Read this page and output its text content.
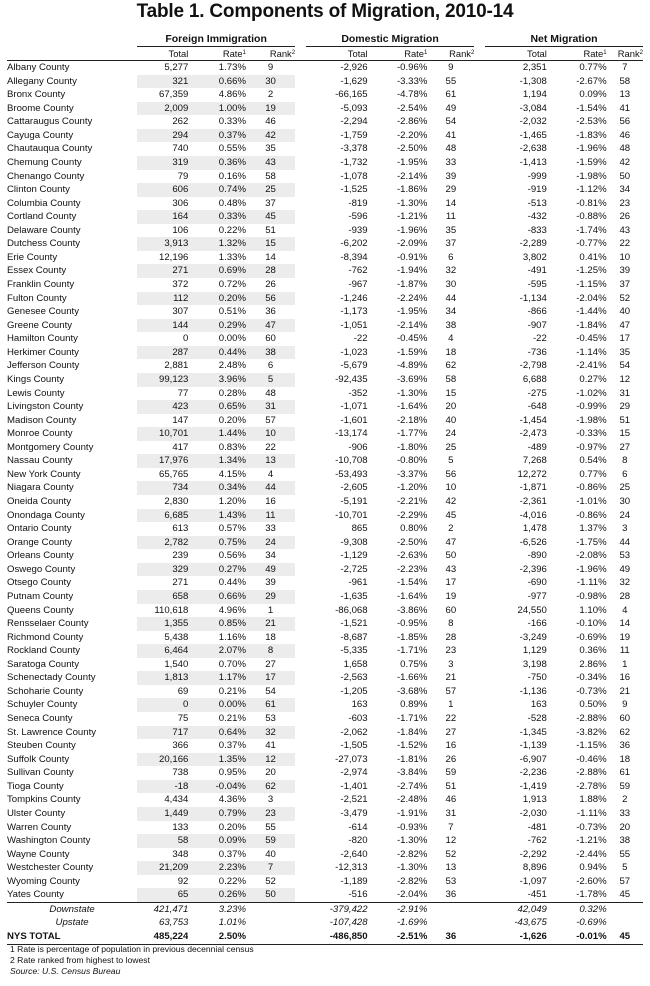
Table 1. Components of Migration, 2010-14
	Foreign Immigration				Domestic Migration				Net Migration		
	Total	Rate$^1$	Rank$^2$		Total	Rate$^1$	Rank$^2$		Total	Rate$^1$	Rank$^2$
Albany County	5,277	1.73%	9		-2,926	-0.96%	9		2,351	0.77%	7
Allegany County	321	0.66%	30		-1,629	-3.33%	55		-1,308	-2.67%	58
Bronx County	67,359	4.86%	2		-66,165	-4.78%	61		1,194	0.09%	13
Broome County	2,009	1.00%	19		-5,093	-2.54%	49		-3,084	-1.54%	41
Cattaraugus County	262	0.33%	46		-2,294	-2.86%	54		-2,032	-2.53%	56
Cayuga County	294	0.37%	42		-1,759	-2.20%	41		-1,465	-1.83%	46
Chautauqua County	740	0.55%	35		-3,378	-2.50%	48		-2,638	-1.96%	48
Chemung County	319	0.36%	43		-1,732	-1.95%	33		-1,413	-1.59%	42
Chenango County	79	0.16%	58		-1,078	-2.14%	39		-999	-1.98%	50
Clinton County	606	0.74%	25		-1,525	-1.86%	29		-919	-1.12%	34
Columbia County	306	0.48%	37		-819	-1.30%	14		-513	-0.81%	23
Cortland County	164	0.33%	45		-596	-1.21%	11		-432	-0.88%	26
Delaware County	106	0.22%	51		-939	-1.96%	35		-833	-1.74%	43
Dutchess County	3,913	1.32%	15		-6,202	-2.09%	37		-2,289	-0.77%	22
Erie County	12,196	1.33%	14		-8,394	-0.91%	6		3,802	0.41%	10
Essex County	271	0.69%	28		-762	-1.94%	32		-491	-1.25%	39
Franklin County	372	0.72%	26		-967	-1.87%	30		-595	-1.15%	37
Fulton County	112	0.20%	56		-1,246	-2.24%	44		-1,134	-2.04%	52
Genesee County	307	0.51%	36		-1,173	-1.95%	34		-866	-1.44%	40
Greene County	144	0.29%	47		-1,051	-2.14%	38		-907	-1.84%	47
Hamilton County	0	0.00%	60		-22	-0.45%	4		-22	-0.45%	17
Herkimer County	287	0.44%	38		-1,023	-1.59%	18		-736	-1.14%	35
Jefferson County	2,881	2.48%	6		-5,679	-4.89%	62		-2,798	-2.41%	54
Kings County	99,123	3.96%	5		-92,435	-3.69%	58		6,688	0.27%	12
Lewis County	77	0.28%	48		-352	-1.30%	15		-275	-1.02%	31
Livingston County	423	0.65%	31		-1,071	-1.64%	20		-648	-0.99%	29
Madison County	147	0.20%	57		-1,601	-2.18%	40		-1,454	-1.98%	51
Monroe County	10,701	1.44%	10		-13,174	-1.77%	24		-2,473	-0.33%	15
Montgomery County	417	0.83%	22		-906	-1.80%	25		-489	-0.97%	27
Nassau County	17,976	1.34%	13		-10,708	-0.80%	5		7,268	0.54%	8
New York County	65,765	4.15%	4		-53,493	-3.37%	56		12,272	0.77%	6
Niagara County	734	0.34%	44		-2,605	-1.20%	10		-1,871	-0.86%	25
Oneida County	2,830	1.20%	16		-5,191	-2.21%	42		-2,361	-1.01%	30
Onondaga County	6,685	1.43%	11		-10,701	-2.29%	45		-4,016	-0.86%	24
Ontario County	613	0.57%	33		865	0.80%	2		1,478	1.37%	3
Orange County	2,782	0.75%	24		-9,308	-2.50%	47		-6,526	-1.75%	44
Orleans County	239	0.56%	34		-1,129	-2.63%	50		-890	-2.08%	53
Oswego County	329	0.27%	49		-2,725	-2.23%	43		-2,396	-1.96%	49
Otsego County	271	0.44%	39		-961	-1.54%	17		-690	-1.11%	32
Putnam County	658	0.66%	29		-1,635	-1.64%	19		-977	-0.98%	28
Queens County	110,618	4.96%	1		-86,068	-3.86%	60		24,550	1.10%	4
Rensselaer County	1,355	0.85%	21		-1,521	-0.95%	8		-166	-0.10%	14
Richmond County	5,438	1.16%	18		-8,687	-1.85%	28		-3,249	-0.69%	19
Rockland County	6,464	2.07%	8		-5,335	-1.71%	23		1,129	0.36%	11
Saratoga County	1,540	0.70%	27		1,658	0.75%	3		3,198	2.86%	1
Schenectady County	1,813	1.17%	17		-2,563	-1.66%	21		-750	-0.34%	16
Schoharie County	69	0.21%	54		-1,205	-3.68%	57		-1,136	-0.73%	21
Schuyler County	0	0.00%	61		163	0.89%	1		163	0.50%	9
Seneca County	75	0.21%	53		-603	-1.71%	22		-528	-2.88%	60
St. Lawrence County	717	0.64%	32		-2,062	-1.84%	27		-1,345	-3.82%	62
Steuben County	366	0.37%	41		-1,505	-1.52%	16		-1,139	-1.15%	36
Suffolk County	20,166	1.35%	12		-27,073	-1.81%	26		-6,907	-0.46%	18
Sullivan County	738	0.95%	20		-2,974	-3.84%	59		-2,236	-2.88%	61
Tioga County	-18	-0.04%	62		-1,401	-2.74%	51		-1,419	-2.78%	59
Tompkins County	4,434	4.36%	3		-2,521	-2.48%	46		1,913	1.88%	2
Ulster County	1,449	0.79%	23		-3,479	-1.91%	31		-2,030	-1.11%	33
Warren County	133	0.20%	55		-614	-0.93%	7		-481	-0.73%	20
Washington County	58	0.09%	59		-820	-1.30%	12		-762	-1.21%	38
Wayne County	348	0.37%	40		-2,640	-2.82%	52		-2,292	-2.44%	55
Westchester County	21,209	2.23%	7		-12,313	-1.30%	13		8,896	0.94%	5
Wyoming County	92	0.22%	52		-1,189	-2.82%	53		-1,097	-2.60%	57
Yates County	65	0.26%	50		-516	-2.04%	36		-451	-1.78%	45
Downstate	421,471	3.23%			-379,422	-2.91%			42,049	0.32%	
Upstate	63,753	1.01%			-107,428	-1.69%			-43,675	-0.69%	
NYS TOTAL	485,224	2.50%			-486,850	-2.51%	36		-1,626	-0.01%	45
1 Rate is percentage of population in previous decennial census
2 Rate ranked from highest to lowest
Source: U.S. Census Bureau
